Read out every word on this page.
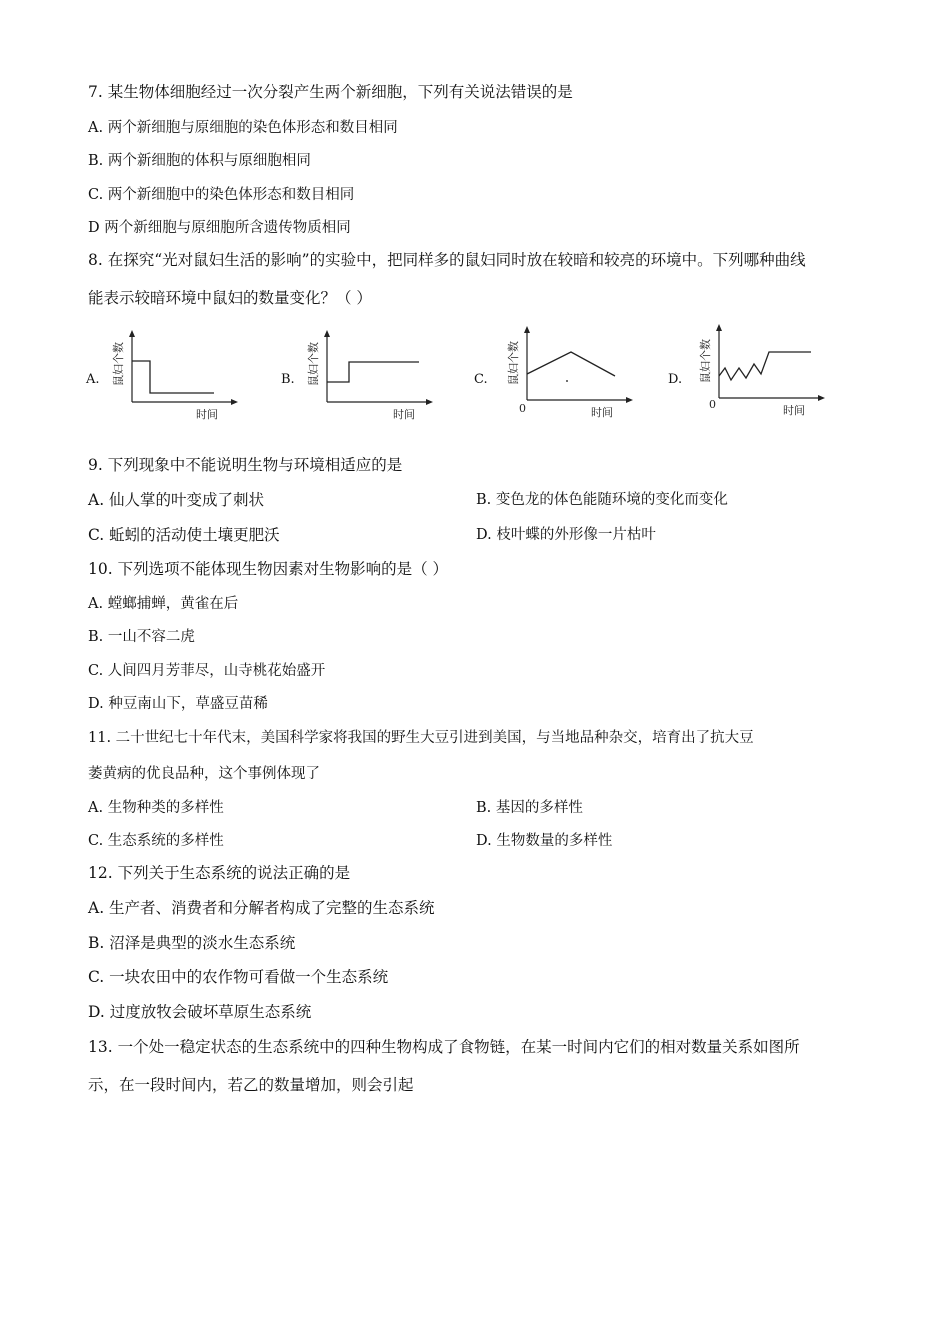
7. 某生物体细胞经过一次分裂产生两个新细胞，下列有关说法错误的是
A. 两个新细胞与原细胞的染色体形态和数目相同
B. 两个新细胞的体积与原细胞相同
C. 两个新细胞中的染色体形态和数目相同
D 两个新细胞与原细胞所含遗传物质相同
8. 在探究“光对鼠妇生活的影响”的实验中，把同样多的鼠妇同时放在较暗和较亮的环境中。下列哪种曲线
能表示较暗环境中鼠妇的数量变化？（ ）
A. 鼠妇个数
时间
B. 鼠妇个数
时间
C. 鼠妇个数
0	时间
D. 鼠妇个数
0	时间
9. 下列现象中不能说明生物与环境相适应的是
A. 仙人掌的叶变成了刺状	B. 变色龙的体色能随环境的变化而变化
C. 蚯蚓的活动使土壤更肥沃	D. 枝叶蝶的外形像一片枯叶
10. 下列选项不能体现生物因素对生物影响的是（ ）
A. 螳螂捕蝉，黄雀在后
B. 一山不容二虎
C. 人间四月芳菲尽，山寺桃花始盛开
D. 种豆南山下，草盛豆苗稀
11. 二十世纪七十年代末，美国科学家将我国的野生大豆引进到美国，与当地品种杂交，培育出了抗大豆
萎黄病的优良品种，这个事例体现了
A. 生物种类的多样性	B. 基因的多样性
C. 生态系统的多样性	D. 生物数量的多样性
12. 下列关于生态系统的说法正确的是
A. 生产者、消费者和分解者构成了完整的生态系统
B. 沼泽是典型的淡水生态系统
C. 一块农田中的农作物可看做一个生态系统
D. 过度放牧会破坏草原生态系统
13. 一个处一稳定状态的生态系统中的四种生物构成了食物链，在某一时间内它们的相对数量关系如图所
示，在一段时间内，若乙的数量增加，则会引起
